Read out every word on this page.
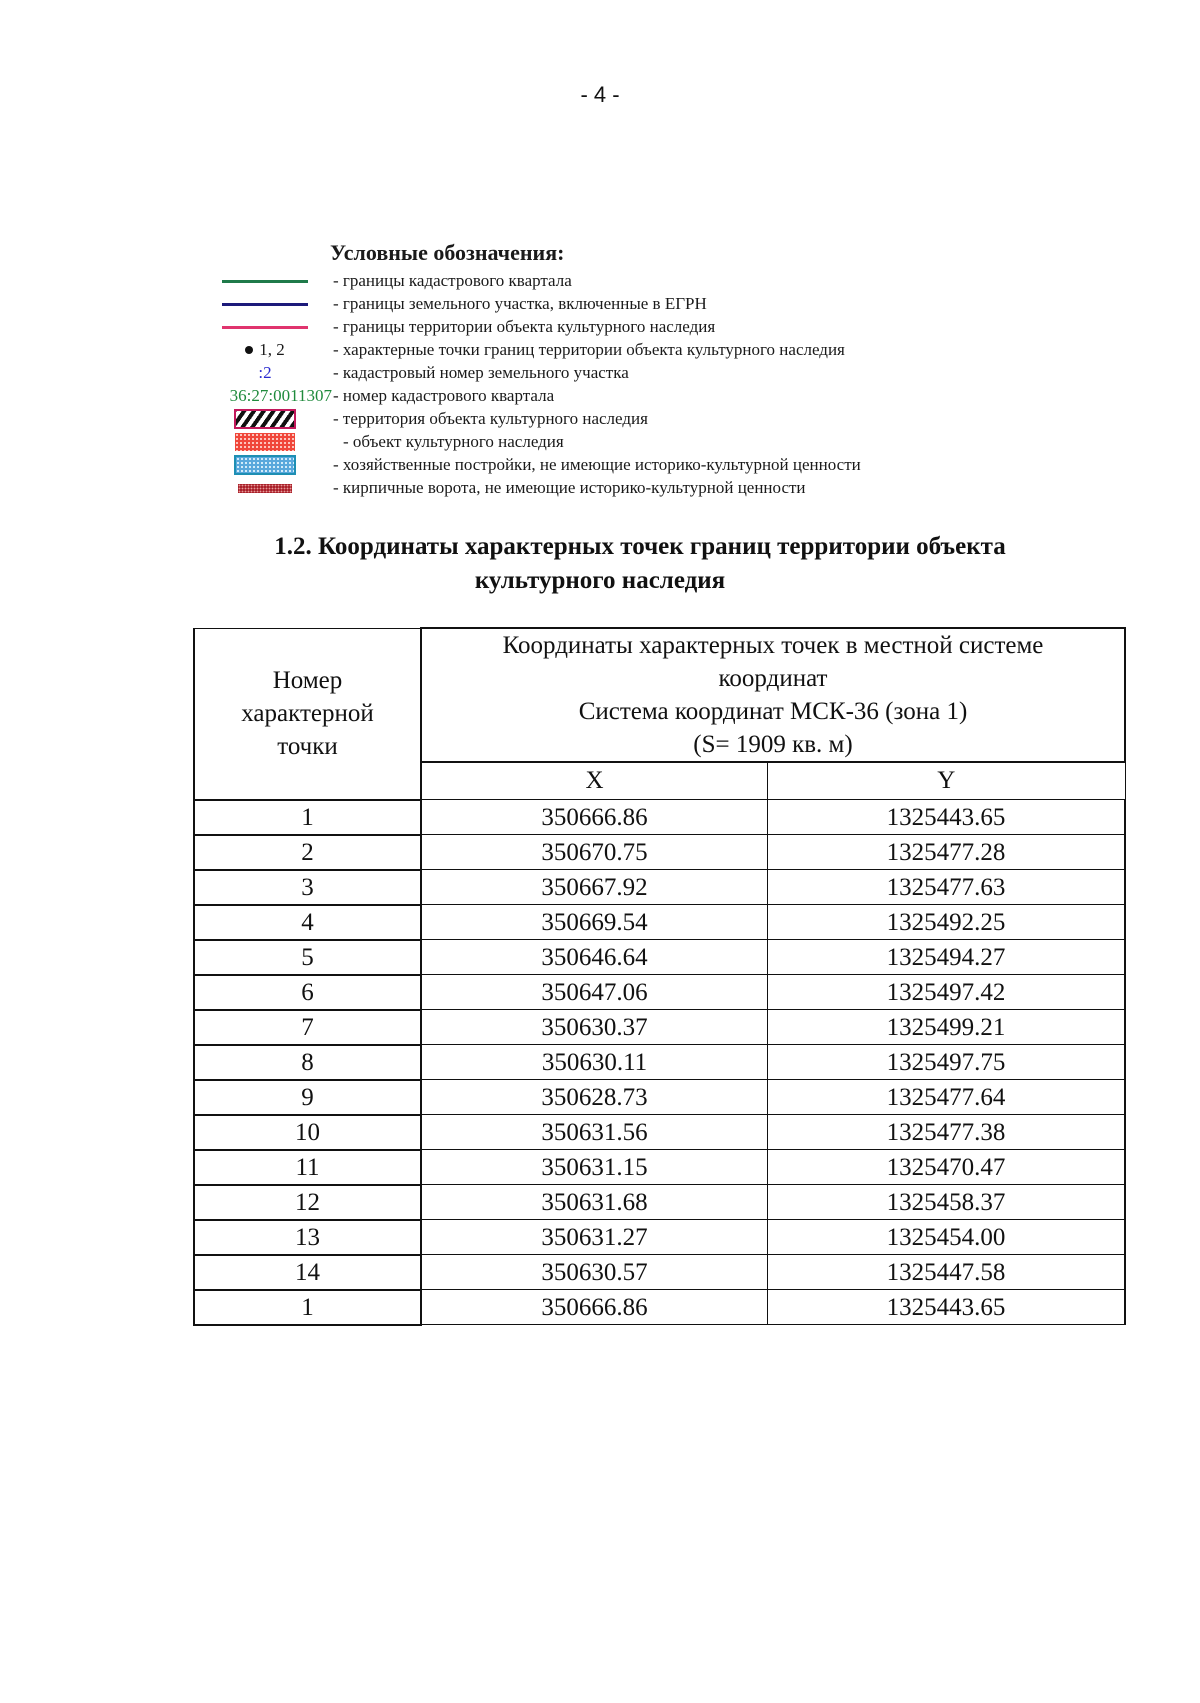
- 4 -
Условные обозначения:
- границы кадастрового квартала
- границы земельного участка, включенные в ЕГРН
- границы территории объекта культурного наследия
1, 2	- характерные точки границ территории объекта культурного наследия
:2	- кадастровый номер земельного участка
36:27:0011307 - номер кадастрового квартала
- территория объекта культурного наследия
- объект культурного наследия
- хозяйственные постройки, не имеющие историко-культурной ценности
- кирпичные ворота, не имеющие историко-культурной ценности
1.2. Координаты характерных точек границ территории объекта
культурного наследия
Номер
характерной
точки

Координаты характерных точек в местной системе
координат
Система координат МСК-36 (зона 1)
(S= 1909 кв. м)

	X	Y
1	350666.86	1325443.65
2	350670.75	1325477.28
3	350667.92	1325477.63
4	350669.54	1325492.25
5	350646.64	1325494.27
6	350647.06	1325497.42
7	350630.37	1325499.21
8	350630.11	1325497.75
9	350628.73	1325477.64
10	350631.56	1325477.38
11	350631.15	1325470.47
12	350631.68	1325458.37
13	350631.27	1325454.00
14	350630.57	1325447.58
1	350666.86	1325443.65
